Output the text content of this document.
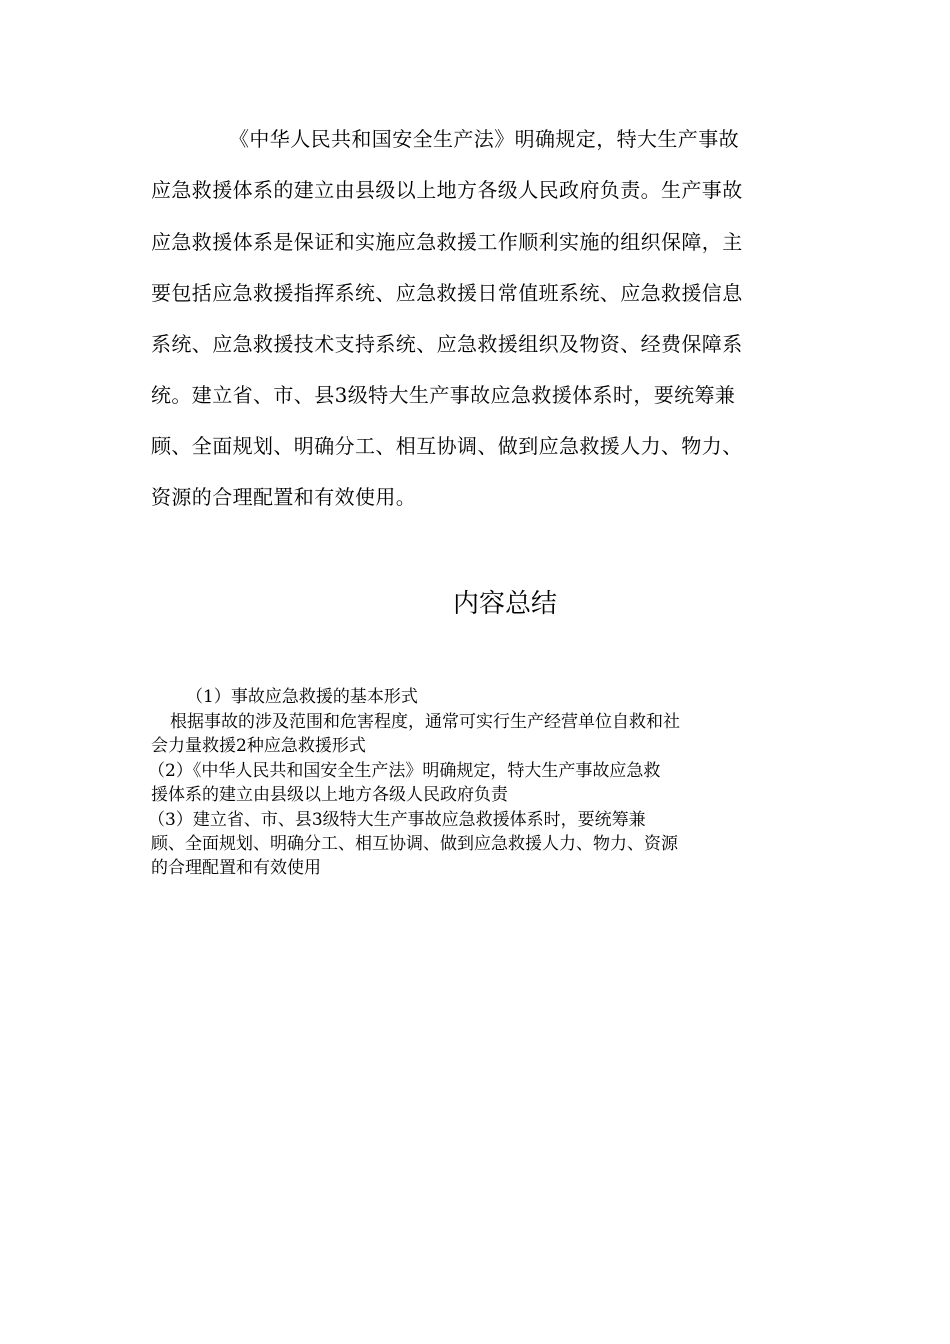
《中华人民共和国安全生产法》明确规定，特大生产事故
应急救援体系的建立由县级以上地方各级人民政府负责。生产事故
应急救援体系是保证和实施应急救援工作顺利实施的组织保障，主
要包括应急救援指挥系统、应急救援日常值班系统、应急救援信息
系统、应急救援技术支持系统、应急救援组织及物资、经费保障系
统。建立省、市、县3级特大生产事故应急救援体系时，要统筹兼
顾、全面规划、明确分工、相互协调、做到应急救援人力、物力、
资源的合理配置和有效使用。
内容总结
（1）事故应急救援的基本形式
根据事故的涉及范围和危害程度，通常可实行生产经营单位自救和社
会力量救援2种应急救援形式
（2）《中华人民共和国安全生产法》明确规定，特大生产事故应急救
援体系的建立由县级以上地方各级人民政府负责
（3）建立省、市、县3级特大生产事故应急救援体系时，要统筹兼
顾、全面规划、明确分工、相互协调、做到应急救援人力、物力、资源
的合理配置和有效使用
